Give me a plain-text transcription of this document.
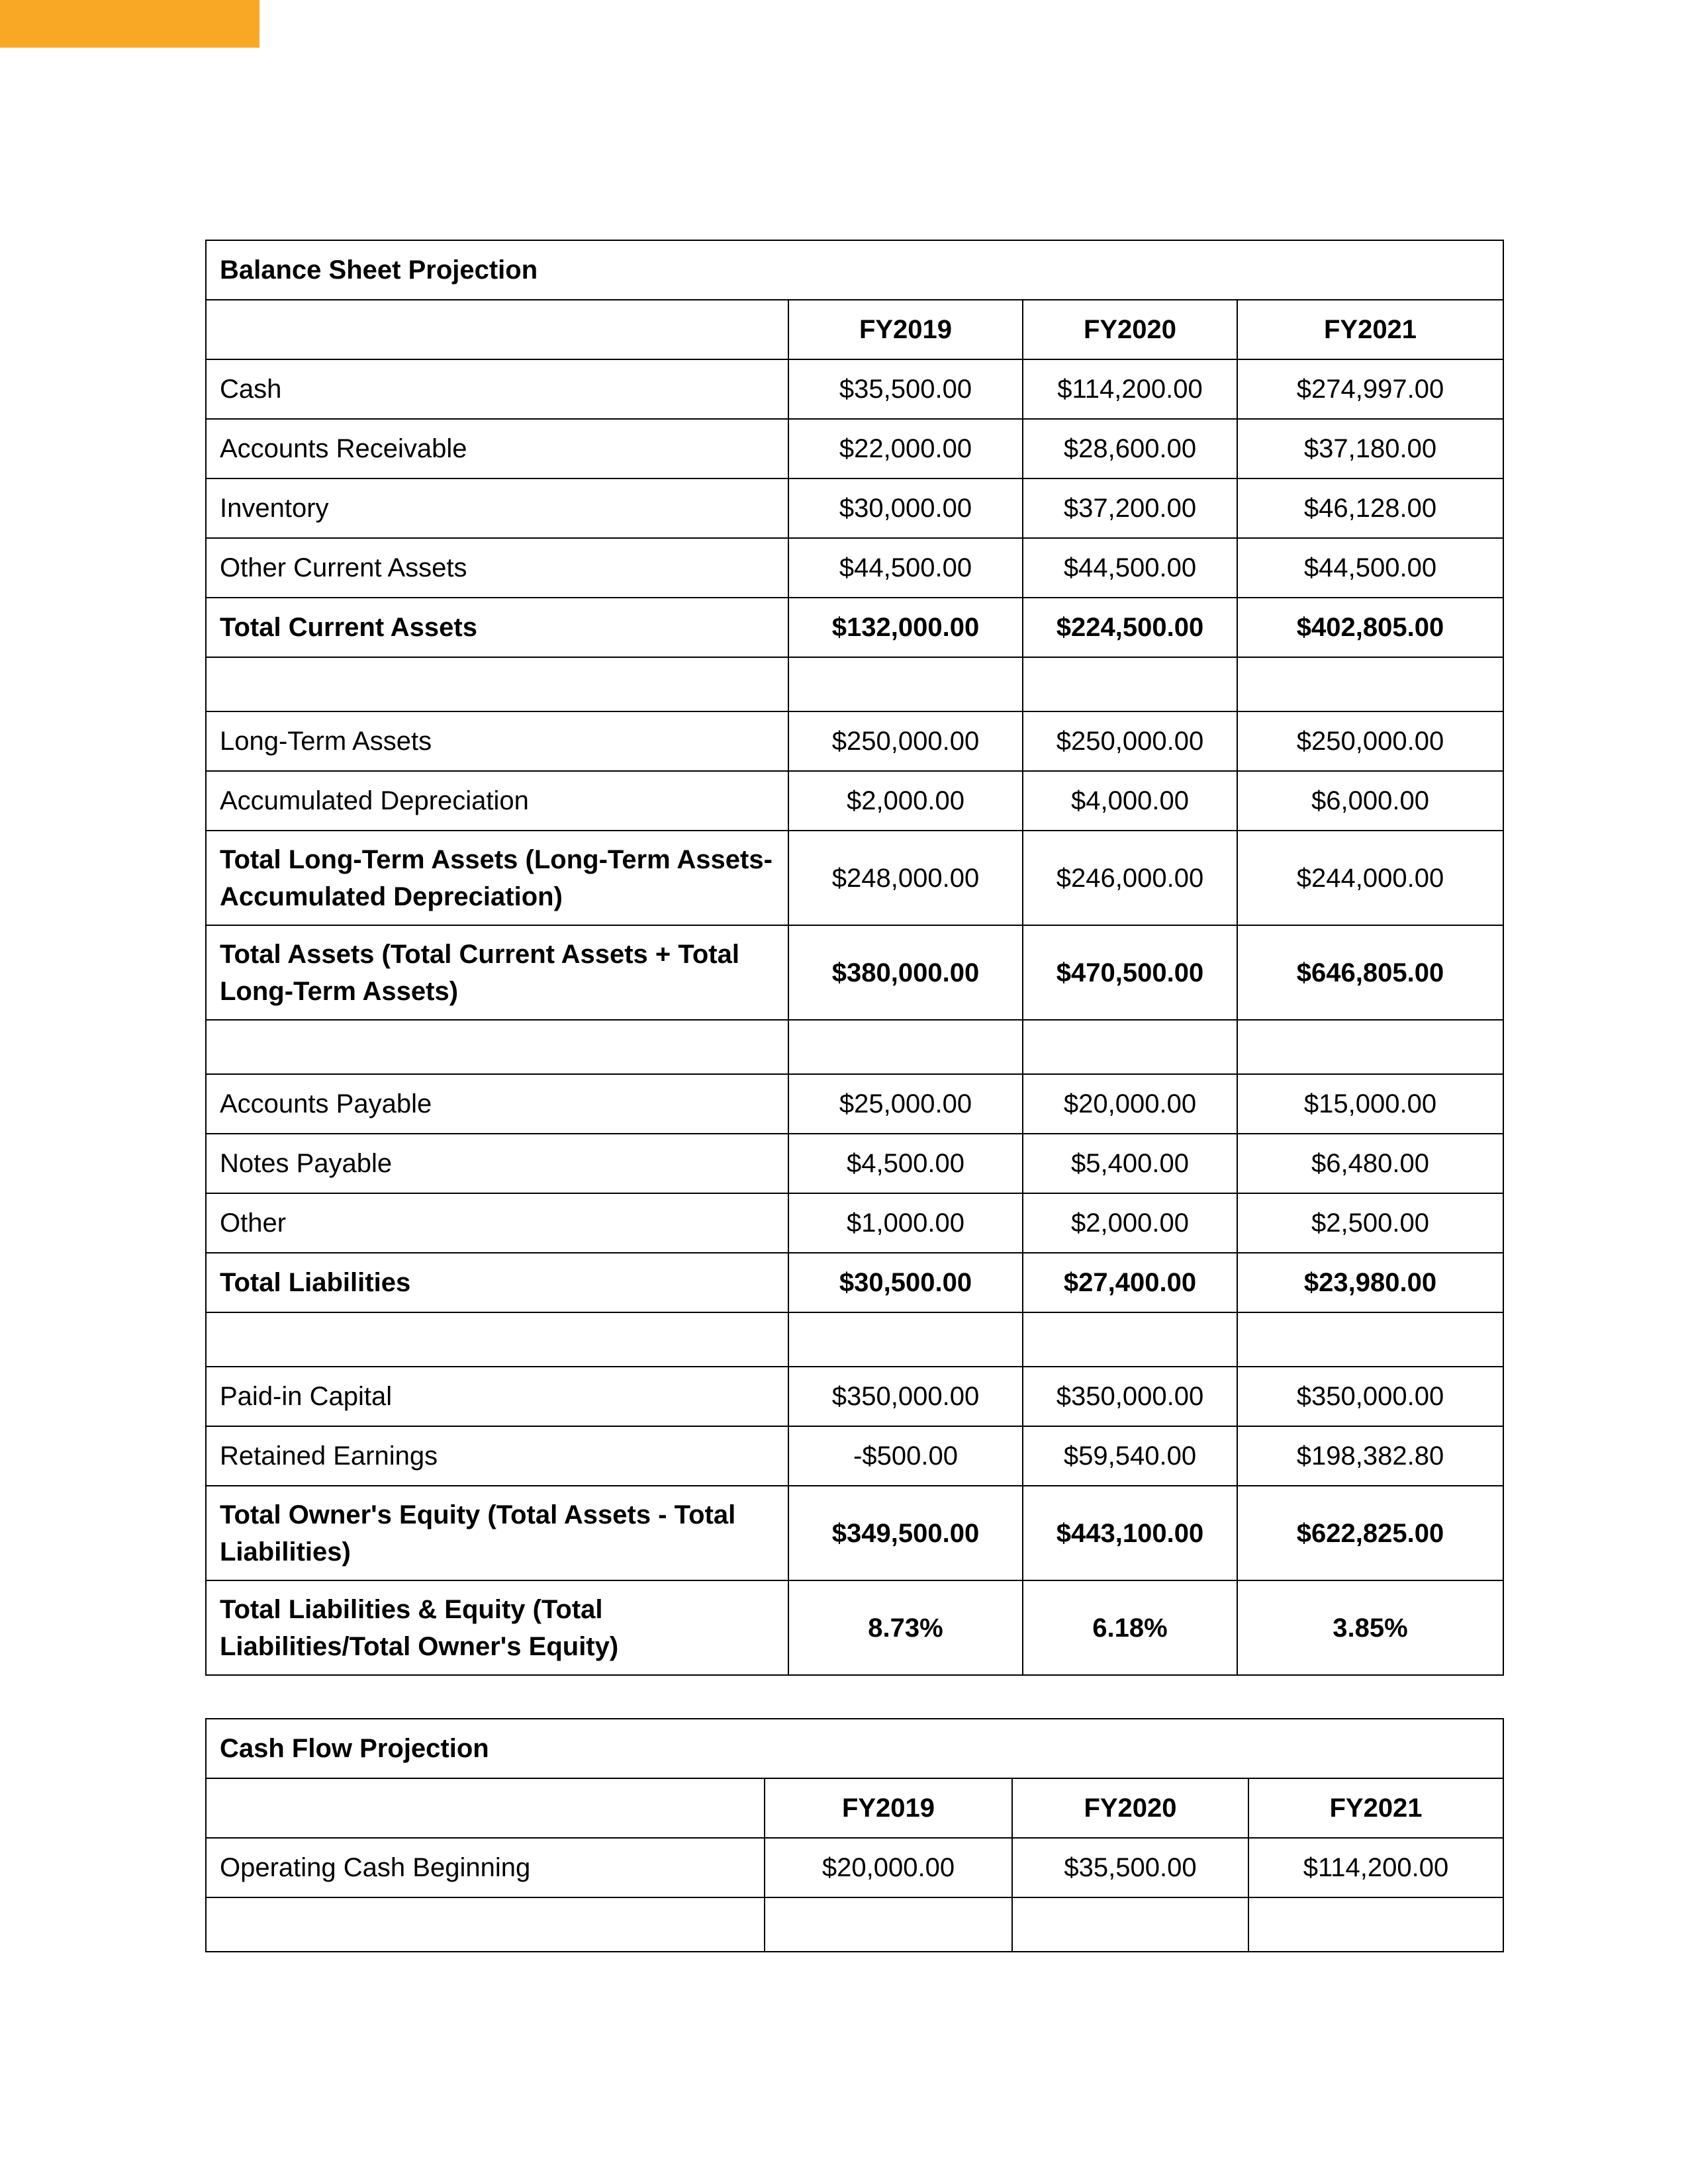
Balance Sheet Projection			
	FY2019	FY2020	FY2021
Cash	$35,500.00	$114,200.00	$274,997.00
Accounts Receivable	$22,000.00	$28,600.00	$37,180.00
Inventory	$30,000.00	$37,200.00	$46,128.00
Other Current Assets	$44,500.00	$44,500.00	$44,500.00
Total Current Assets	$132,000.00	$224,500.00	$402,805.00

Long-Term Assets	$250,000.00	$250,000.00	$250,000.00
Accumulated Depreciation	$2,000.00	$4,000.00	$6,000.00
Total Long-Term Assets (Long-Term Assets-Accumulated Depreciation)	$248,000.00	$246,000.00	$244,000.00
Total Assets (Total Current Assets + Total Long-Term Assets)	$380,000.00	$470,500.00	$646,805.00

Accounts Payable	$25,000.00	$20,000.00	$15,000.00
Notes Payable	$4,500.00	$5,400.00	$6,480.00
Other	$1,000.00	$2,000.00	$2,500.00
Total Liabilities	$30,500.00	$27,400.00	$23,980.00

Paid-in Capital	$350,000.00	$350,000.00	$350,000.00
Retained Earnings	-$500.00	$59,540.00	$198,382.80
Total Owner's Equity (Total Assets - Total Liabilities)	$349,500.00	$443,100.00	$622,825.00
Total Liabilities & Equity (Total Liabilities/Total Owner's Equity)	8.73%	6.18%	3.85%
Cash Flow Projection			
	FY2019	FY2020	FY2021
Operating Cash Beginning	$20,000.00	$35,500.00	$114,200.00
